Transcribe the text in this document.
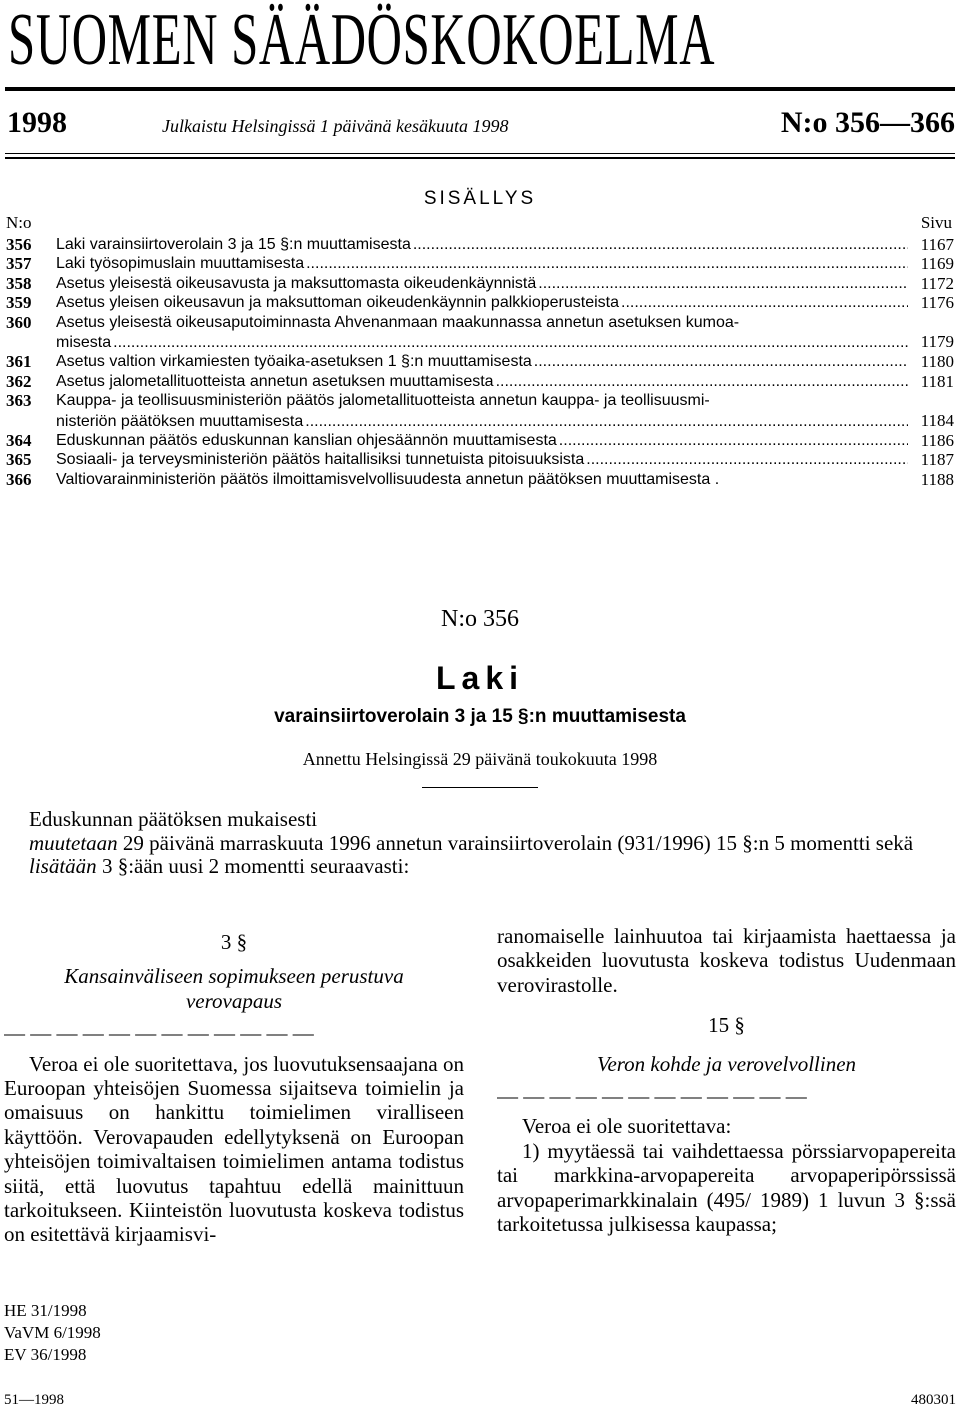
SUOMEN SÄÄDÖSKOKOELMA
1998	Julkaistu Helsingissä 1 päivänä kesäkuuta 1998	N:o 356—366
SISÄLLYS
N:o	Sivu
356	Laki varainsiirtoverolain 3 ja 15 §:n muuttamisesta .....	1167
357	Laki työsopimuslain muuttamisesta .....	1169
358	Asetus yleisestä oikeusavusta ja maksuttomasta oikeudenkäynnistä .....	1172
359	Asetus yleisen oikeusavun ja maksuttoman oikeudenkäynnin palkkioperusteista .....	1176
360	Asetus yleisestä oikeusaputoiminnasta Ahvenanmaan maakunnassa annetun asetuksen kumoa-
misesta .....	1179
361	Asetus valtion virkamiesten työaika-asetuksen 1 §:n muuttamisesta .....	1180
362	Asetus jalometallituotteista annetun asetuksen muuttamisesta .....	1181
363	Kauppa- ja teollisuusministeriön päätös jalometallituotteista annetun kauppa- ja teollisuusmi-
nisteriön päätöksen muuttamisesta .....	1184
364	Eduskunnan päätös eduskunnan kanslian ohjesäännön muuttamisesta .....	1186
365	Sosiaali- ja terveysministeriön päätös haitallisiksi tunnetuista pitoisuuksista .....	1187
366	Valtiovarainministeriön päätös ilmoittamisvelvollisuudesta annetun päätöksen muuttamisesta .	1188
N:o 356
Laki
varainsiirtoverolain 3 ja 15 §:n muuttamisesta
Annettu Helsingissä 29 päivänä toukokuuta 1998

Eduskunnan päätöksen mukaisesti

muutetaan 29 päivänä marraskuuta 1996 annetun varainsiirtoverolain (931/1996) 15 §:n 5 momentti sekä

lisätään 3 §:ään uusi 2 momentti seuraavasti:

3 §

Kansainväliseen sopimukseen perustuva

verovapaus

— — — — — — — — — — — —

Veroa ei ole suoritettava, jos luovutuksensaajana on Euroopan yhteisöjen Suomessa sijaitseva toimielin ja omaisuus on hankittu toimielimen viralliseen käyttöön. Verovapauden edellytyksenä on Euroopan yhteisöjen toimivaltaisen toimielimen antama todistus siitä, että luovutus tapahtuu edellä mainittuun tarkoitukseen. Kiinteistön luovutusta koskeva todistus on esitettävä kirjaamisvi-

ranomaiselle lainhuutoa tai kirjaamista haettaessa ja osakkeiden luovutusta koskeva todistus Uudenmaan verovirastolle.

15 §

Veron kohde ja verovelvollinen

— — — — — — — — — — — —

Veroa ei ole suoritettava:

1) myytäessä tai vaihdettaessa pörssiarvopapereita tai markkina-arvopapereita arvopaperipörssissä arvopaperimarkkinalain (495/ 1989) 1 luvun 3 §:ssä tarkoitetussa julkisessa kaupassa;

HE 31/1998
VaVM 6/1998
EV 36/1998
51—1998	480301
